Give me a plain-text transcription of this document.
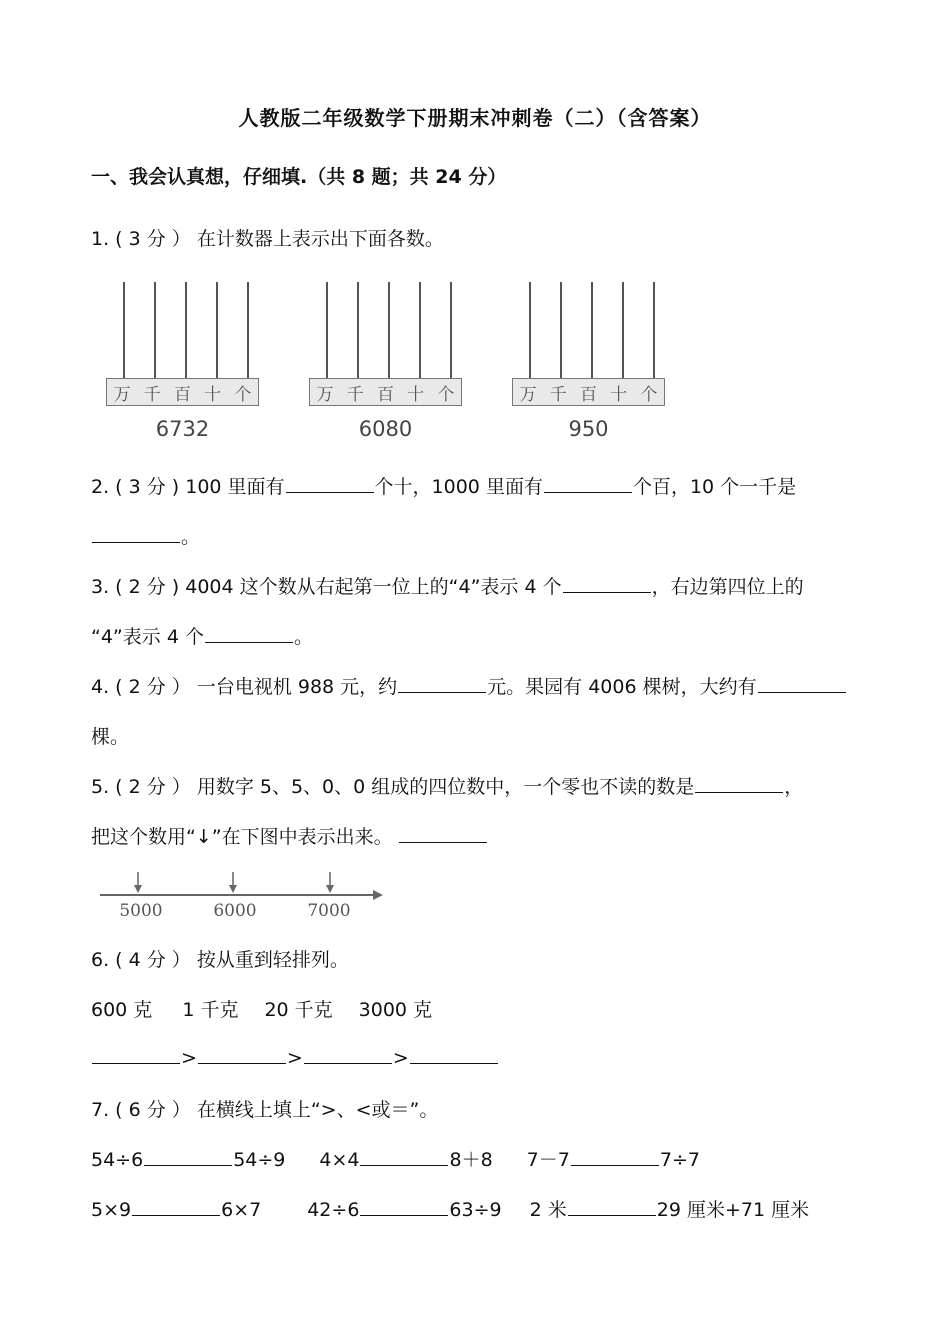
人教版二年级数学下册期末冲刺卷（二）（含答案）
一、我会认真想，仔细填.（共 8 题；共 24 分）
1. ( 3 分 ） 在计数器上表示出下面各数。
万 千 百 十 个
6732
万 千 百 十 个
6080
万 千 百 十 个
950
2. ( 3 分 ) 100 里面有	个十，1000 里面有	个百，10 个一千是
。
3. ( 2 分 ) 4004 这个数从右起第一位上的“4”表示 4 个	，右边第四位上的
“4”表示 4 个	。
4. ( 2 分 ） 一台电视机 988 元，约	元。果园有 4006 棵树，大约有
棵。
5. ( 2 分 ） 用数字 5、5、0、0 组成的四位数中，一个零也不读的数是	，
把这个数用“↓”在下图中表示出来。
5000	6000	7000
6. ( 4 分 ） 按从重到轻排列。
600 克 1 千克 20 千克 3000 克
>	>	>
7. ( 6 分 ） 在横线上填上“>、<或＝”。
54÷6	54÷9 4×4	8＋8 7－7	7÷7
5×9	6×7 42÷6	63÷9 2 米	29 厘米+71 厘米
